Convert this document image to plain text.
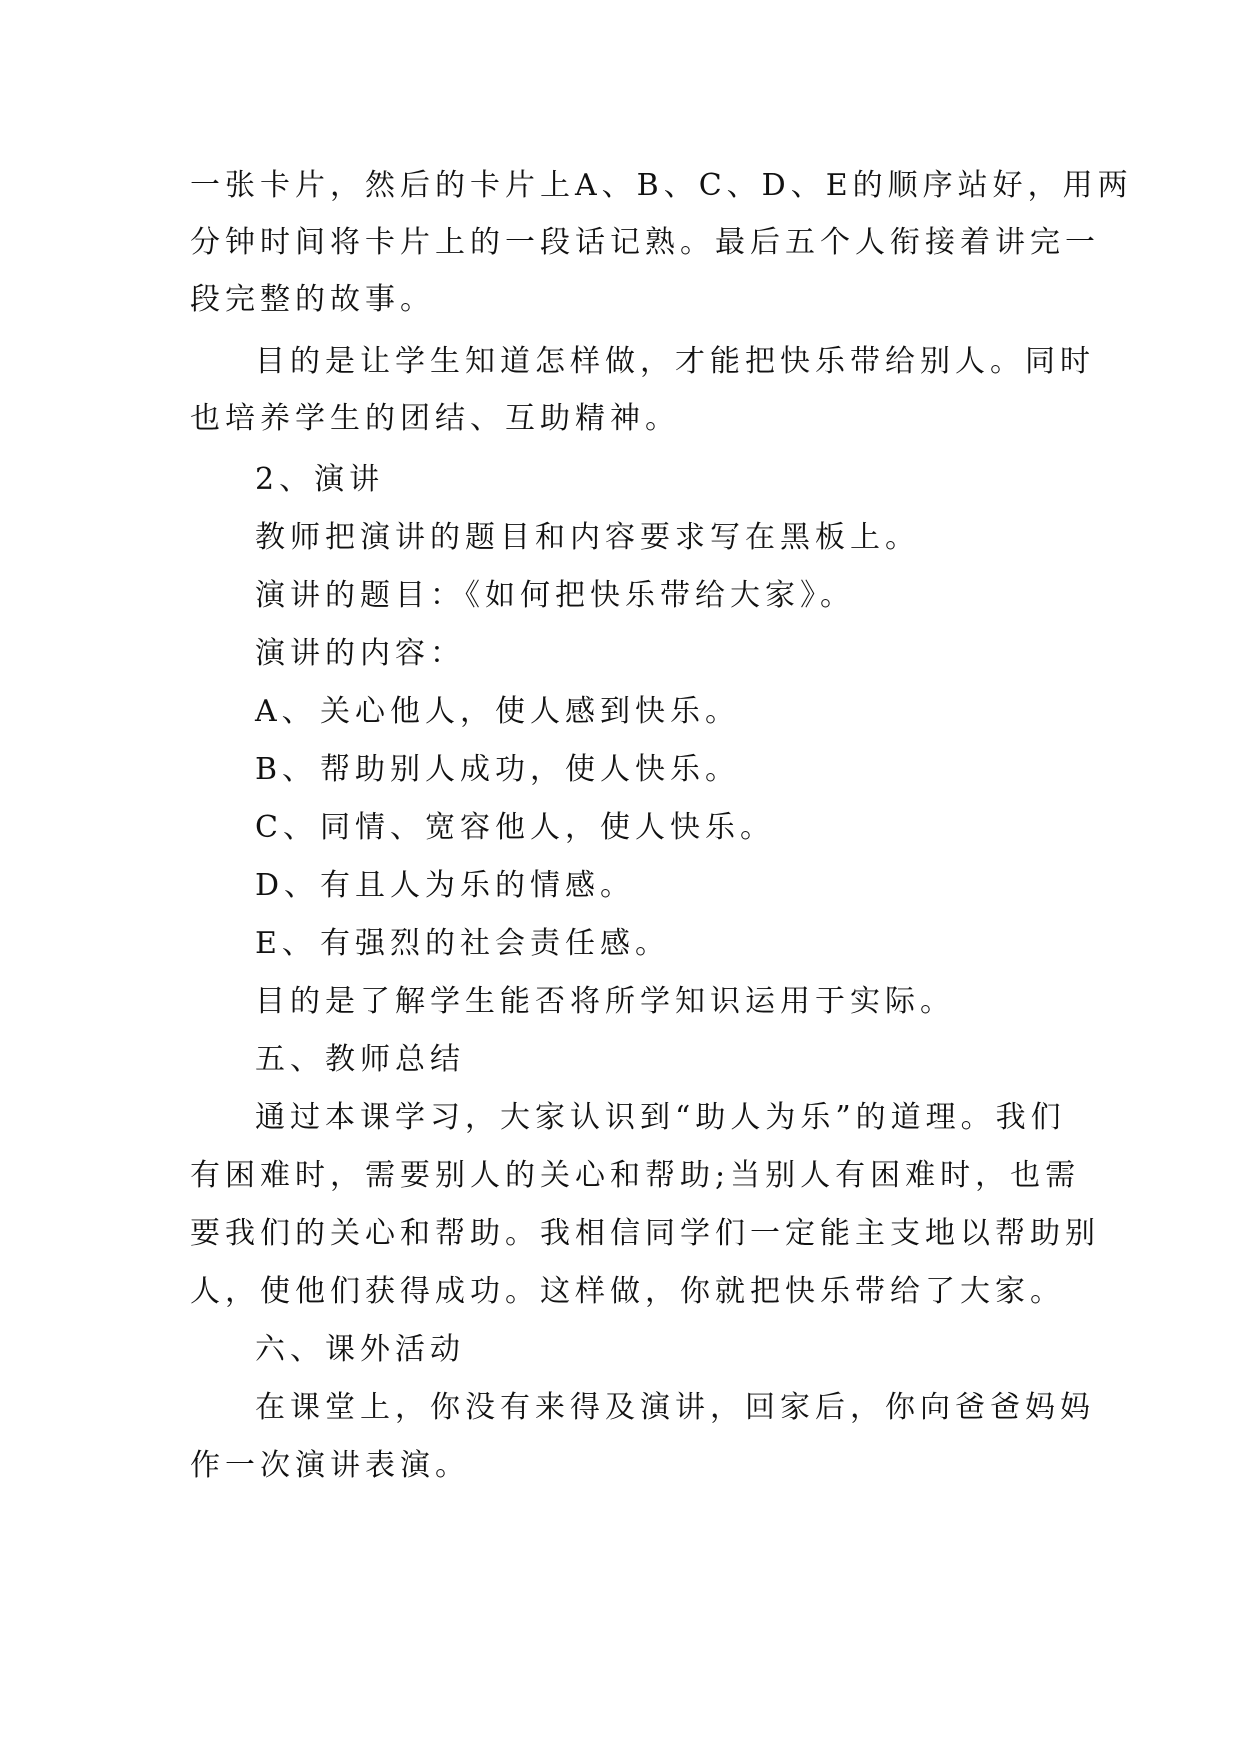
一张卡片，然后的卡片上A、B、C、D、E的顺序站好，用两
分钟时间将卡片上的一段话记熟。最后五个人衔接着讲完一
段完整的故事。
目的是让学生知道怎样做，才能把快乐带给别人。同时
也培养学生的团结、互助精神。
2、演讲
教师把演讲的题目和内容要求写在黑板上。
演讲的题目：《如何把快乐带给大家》。
演讲的内容：
A、 关心他人，使人感到快乐。
B、帮助别人成功，使人快乐。
C、同情、宽容他人，使人快乐。
D、有且人为乐的情感。
E、 有强烈的社会责任感。
目的是了解学生能否将所学知识运用于实际。
五、教师总结
通过本课学习，大家认识到“助人为乐”的道理。我们
有困难时，需要别人的关心和帮助;当别人有困难时，也需
要我们的关心和帮助。我相信同学们一定能主支地以帮助别
人，使他们获得成功。这样做，你就把快乐带给了大家。
六、课外活动
在课堂上，你没有来得及演讲，回家后，你向爸爸妈妈
作一次演讲表演。
